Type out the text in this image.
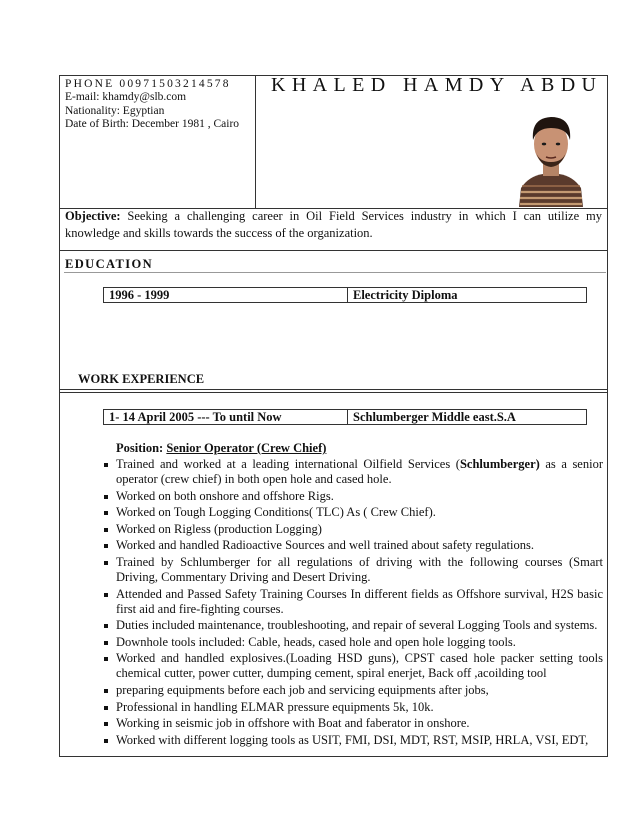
PHONE 00971503214578
E-mail: khamdy@slb.com
Nationality: Egyptian
Date of Birth: December 1981 , Cairo
KHALED HAMDY ABDU
Objective: Seeking a challenging career in Oil Field Services industry in which I can utilize my knowledge and skills towards the success of the organization.
EDUCATION
1996 - 1999	Electricity Diploma
WORK EXPERIENCE
1- 14 April 2005 --- To until Now	Schlumberger Middle east.S.A
Position: Senior Operator (Crew Chief)
Trained and worked at a leading international Oilfield Services (Schlumberger) as a senior operator (crew chief) in both open hole and cased hole.
Worked on both onshore and offshore Rigs.
Worked on Tough Logging Conditions( TLC) As ( Crew Chief).
Worked on Rigless (production Logging)
Worked and handled Radioactive Sources and well trained about safety regulations.
Trained by Schlumberger for all regulations of driving with the following courses (Smart Driving, Commentary Driving and Desert Driving.
Attended and Passed Safety Training Courses In different fields as Offshore survival, H2S basic first aid and fire-fighting courses.
Duties included maintenance, troubleshooting, and repair of several Logging Tools and systems.
Downhole tools included: Cable, heads, cased hole and open hole logging tools.
Worked and handled explosives.(Loading HSD guns), CPST cased hole packer setting tools chemical cutter, power cutter, dumping cement, spiral enerjet, Back off ,acoilding tool
preparing equipments before each job and servicing equipments after jobs,
Professional in handling ELMAR pressure equipments 5k, 10k.
Working in seismic job in offshore with Boat and faberator in onshore.
Worked with different logging tools as USIT, FMI, DSI, MDT, RST, MSIP, HRLA, VSI, EDT,
